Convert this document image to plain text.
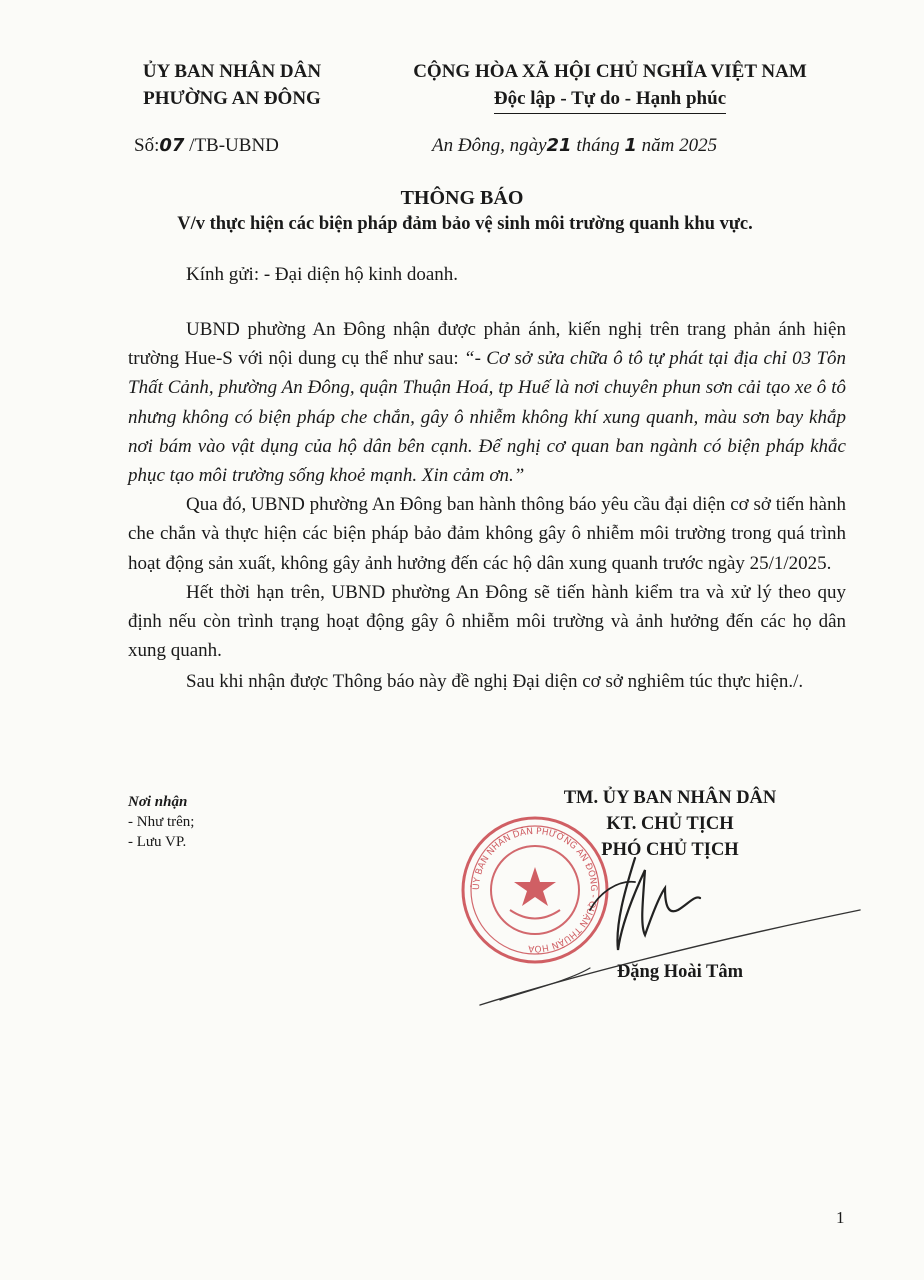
ỦY BAN NHÂN DÂN
PHƯỜNG AN ĐÔNG
CỘNG HÒA XÃ HỘI CHỦ NGHĨA VIỆT NAM
Độc lập - Tự do - Hạnh phúc
Số:07 /TB-UBND	An Đông, ngày21 tháng 1 năm 2025
THÔNG BÁO
V/v thực hiện các biện pháp đảm bảo vệ sinh môi trường quanh khu vực.
Kính gửi: - Đại diện hộ kinh doanh.

UBND phường An Đông nhận được phản ánh, kiến nghị trên trang phản ánh hiện trường Hue-S với nội dung cụ thể như sau: “- Cơ sở sửa chữa ô tô tự phát tại địa chỉ 03 Tôn Thất Cảnh, phường An Đông, quận Thuận Hoá, tp Huế là nơi chuyên phun sơn cải tạo xe ô tô nhưng không có biện pháp che chắn, gây ô nhiễm không khí xung quanh, màu sơn bay khắp nơi bám vào vật dụng của hộ dân bên cạnh. Để nghị cơ quan ban ngành có biện pháp khắc phục tạo môi trường sống khoẻ mạnh. Xin cảm ơn.”

Qua đó, UBND phường An Đông ban hành thông báo yêu cầu đại diện cơ sở tiến hành che chắn và thực hiện các biện pháp bảo đảm không gây ô nhiễm môi trường trong quá trình hoạt động sản xuất, không gây ảnh hưởng đến các hộ dân xung quanh trước ngày 25/1/2025.

Hết thời hạn trên, UBND phường An Đông sẽ tiến hành kiểm tra và xử lý theo quy định nếu còn trình trạng hoạt động gây ô nhiễm môi trường và ảnh hưởng đến các họ dân xung quanh.

Sau khi nhận được Thông báo này đề nghị Đại diện cơ sở nghiêm túc thực hiện./.

Nơi nhận
- Như trên;
- Lưu VP.
TM. ỦY BAN NHÂN DÂN
KT. CHỦ TỊCH
PHÓ CHỦ TỊCH
ỦY BAN NHÂN DÂN PHƯỜNG AN ĐÔNG - QUẬN THUẬN HÓA
Đặng Hoài Tâm
1
